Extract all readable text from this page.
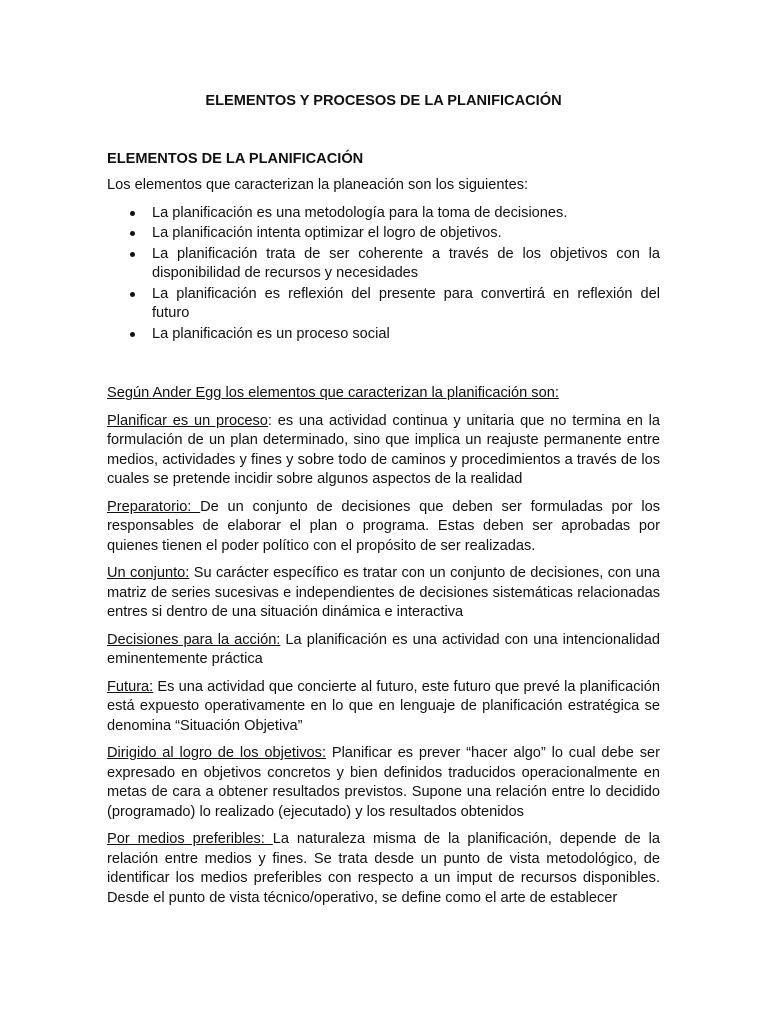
ELEMENTOS Y PROCESOS DE LA PLANIFICACIÓN
ELEMENTOS DE LA PLANIFICACIÓN
Los elementos que caracterizan la planeación son los siguientes:
La planificación es una metodología para la toma de decisiones.
La planificación intenta optimizar el logro de objetivos.
La planificación trata de ser coherente a través de los objetivos con la disponibilidad de recursos y necesidades
La planificación es reflexión del presente para convertirá en reflexión del futuro
La planificación es un proceso social
Según Ander Egg los elementos que caracterizan la planificación son:

Planificar es un proceso: es una actividad continua y unitaria que no termina en la formulación de un plan determinado, sino que implica un reajuste permanente entre medios, actividades y fines y sobre todo de caminos y procedimientos a través de los cuales se pretende incidir sobre algunos aspectos de la realidad

Preparatorio: De un conjunto de decisiones que deben ser formuladas por los responsables de elaborar el plan o programa. Estas deben ser aprobadas por quienes tienen el poder político con el propósito de ser realizadas.

Un conjunto: Su carácter específico es tratar con un conjunto de decisiones, con una matriz de series sucesivas e independientes de decisiones sistemáticas relacionadas entres si dentro de una situación dinámica e interactiva

Decisiones para la acción: La planificación es una actividad con una intencionalidad eminentemente práctica

Futura: Es una actividad que concierte al futuro, este futuro que prevé la planificación está expuesto operativamente en lo que en lenguaje de planificación estratégica se denomina “Situación Objetiva”

Dirigido al logro de los objetivos: Planificar es prever “hacer algo” lo cual debe ser expresado en objetivos concretos y bien definidos traducidos operacionalmente en metas de cara a obtener resultados previstos. Supone una relación entre lo decidido (programado) lo realizado (ejecutado) y los resultados obtenidos

Por medios preferibles: La naturaleza misma de la planificación, depende de la relación entre medios y fines. Se trata desde un punto de vista metodológico, de identificar los medios preferibles con respecto a un imput de recursos disponibles. Desde el punto de vista técnico/operativo, se define como el arte de establecer
